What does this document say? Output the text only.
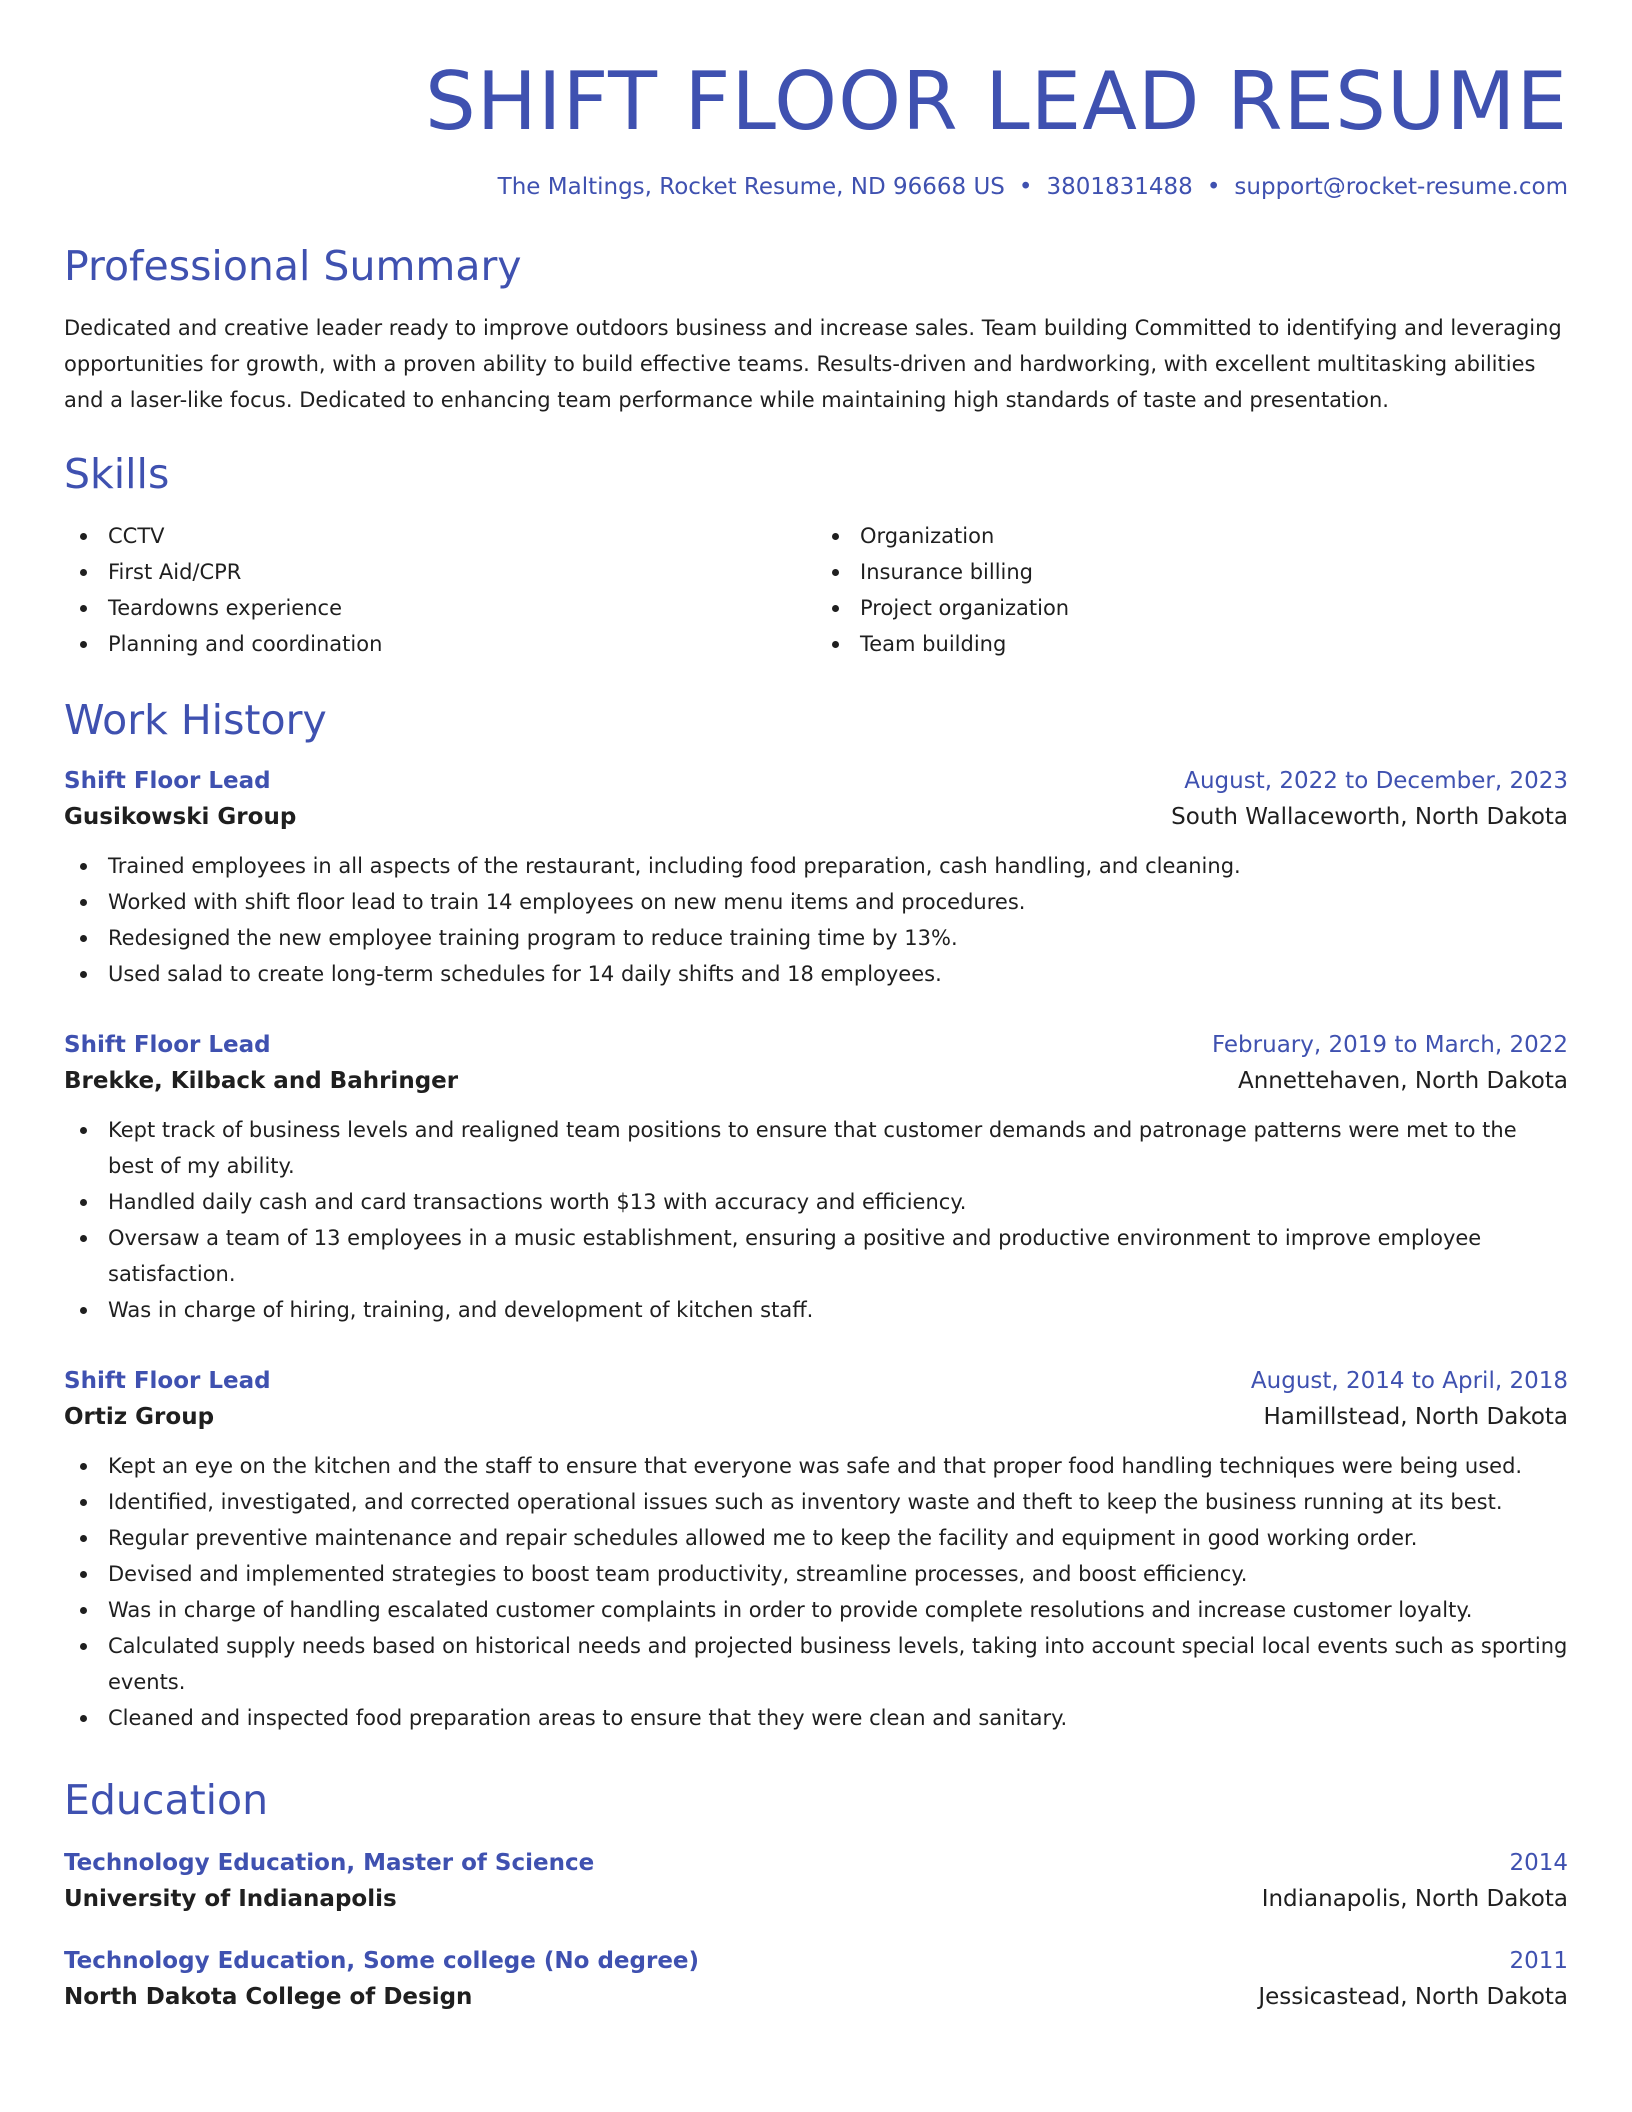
SHIFT FLOOR LEAD RESUME
The Maltings, Rocket Resume, ND 96668 US • 3801831488 • support@rocket-resume.com
Professional Summary
Dedicated and creative leader ready to improve outdoors business and increase sales. Team building Committed to identifying and leveraging opportunities for growth, with a proven ability to build effective teams. Results-driven and hardworking, with excellent multitasking abilities and a laser-like focus. Dedicated to enhancing team performance while maintaining high standards of taste and presentation.
Skills
CCTV
First Aid/CPR
Teardowns experience
Planning and coordination
Organization
Insurance billing
Project organization
Team building
Work History
Shift Floor Lead	August, 2022 to December, 2023
Gusikowski Group	South Wallaceworth, North Dakota
Trained employees in all aspects of the restaurant, including food preparation, cash handling, and cleaning.
Worked with shift floor lead to train 14 employees on new menu items and procedures.
Redesigned the new employee training program to reduce training time by 13%.
Used salad to create long-term schedules for 14 daily shifts and 18 employees.
Shift Floor Lead	February, 2019 to March, 2022
Brekke, Kilback and Bahringer	Annettehaven, North Dakota
Kept track of business levels and realigned team positions to ensure that customer demands and patronage patterns were met to the best of my ability.
Handled daily cash and card transactions worth $13 with accuracy and efficiency.
Oversaw a team of 13 employees in a music establishment, ensuring a positive and productive environment to improve employee satisfaction.
Was in charge of hiring, training, and development of kitchen staff.
Shift Floor Lead	August, 2014 to April, 2018
Ortiz Group	Hamillstead, North Dakota
Kept an eye on the kitchen and the staff to ensure that everyone was safe and that proper food handling techniques were being used.
Identified, investigated, and corrected operational issues such as inventory waste and theft to keep the business running at its best.
Regular preventive maintenance and repair schedules allowed me to keep the facility and equipment in good working order.
Devised and implemented strategies to boost team productivity, streamline processes, and boost efficiency.
Was in charge of handling escalated customer complaints in order to provide complete resolutions and increase customer loyalty.
Calculated supply needs based on historical needs and projected business levels, taking into account special local events such as sporting events.
Cleaned and inspected food preparation areas to ensure that they were clean and sanitary.
Education
Technology Education, Master of Science	2014
University of Indianapolis	Indianapolis, North Dakota
Technology Education, Some college (No degree)	2011
North Dakota College of Design	Jessicastead, North Dakota
